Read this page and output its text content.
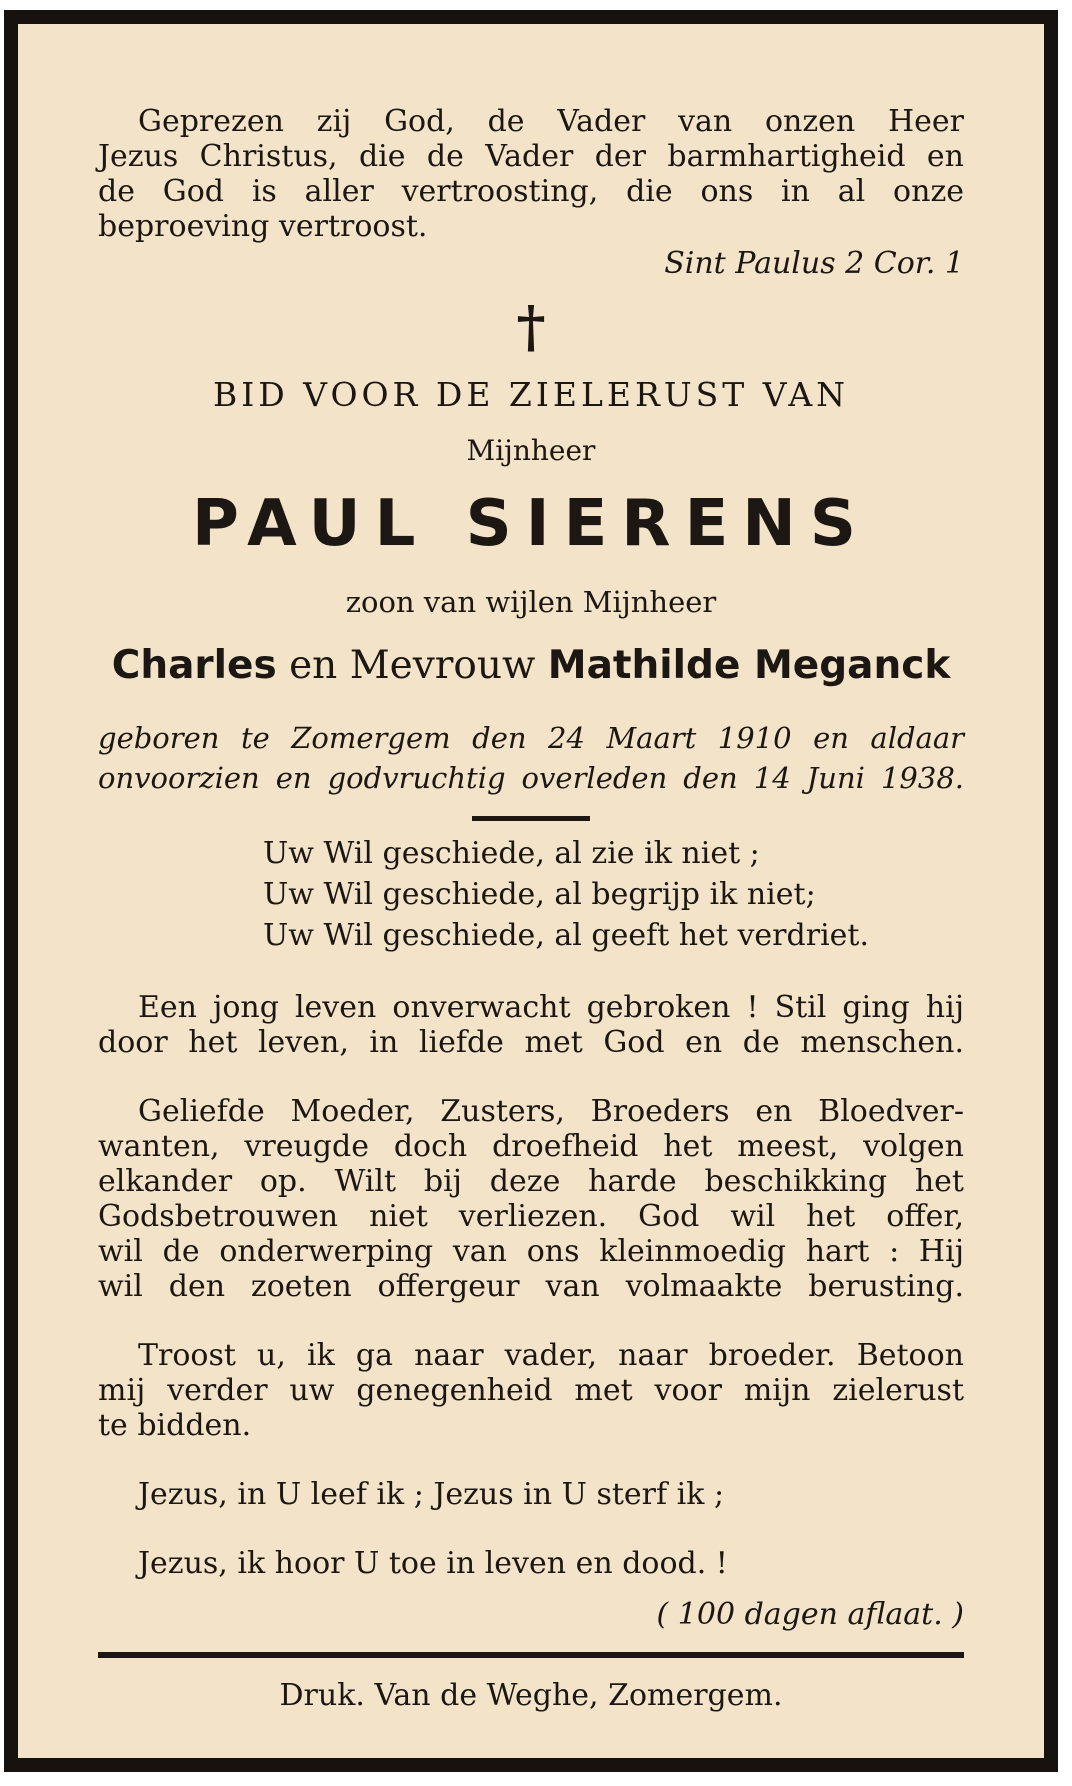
Geprezen zij God, de Vader van onzen Heer
Jezus Christus, die de Vader der barmhartigheid en
de God is aller vertroosting, die ons in al onze
beproeving vertroost.
Sint Paulus 2 Cor. 1
†
BID VOOR DE ZIELERUST VAN
Mijnheer
PAUL SIERENS
zoon van wijlen Mijnheer
Charles en Mevrouw Mathilde Meganck
geboren te Zomergem den 24 Maart 1910 en aldaar
onvoorzien en godvruchtig overleden den 14 Juni 1938.
Uw Wil geschiede, al zie ik niet ;
Uw Wil geschiede, al begrijp ik niet;
Uw Wil geschiede, al geeft het verdriet.
Een jong leven onverwacht gebroken ! Stil ging hij
door het leven, in liefde met God en de menschen.
Geliefde Moeder, Zusters, Broeders en Bloedver-
wanten, vreugde doch droefheid het meest, volgen
elkander op. Wilt bij deze harde beschikking het
Godsbetrouwen niet verliezen. God wil het offer,
wil de onderwerping van ons kleinmoedig hart : Hij
wil den zoeten offergeur van volmaakte berusting.
Troost u, ik ga naar vader, naar broeder. Betoon
mij verder uw genegenheid met voor mijn zielerust
te bidden.
Jezus, in U leef ik ; Jezus in U sterf ik ;
Jezus, ik hoor U toe in leven en dood. !
( 100 dagen aflaat. )
Druk. Van de Weghe, Zomergem.
